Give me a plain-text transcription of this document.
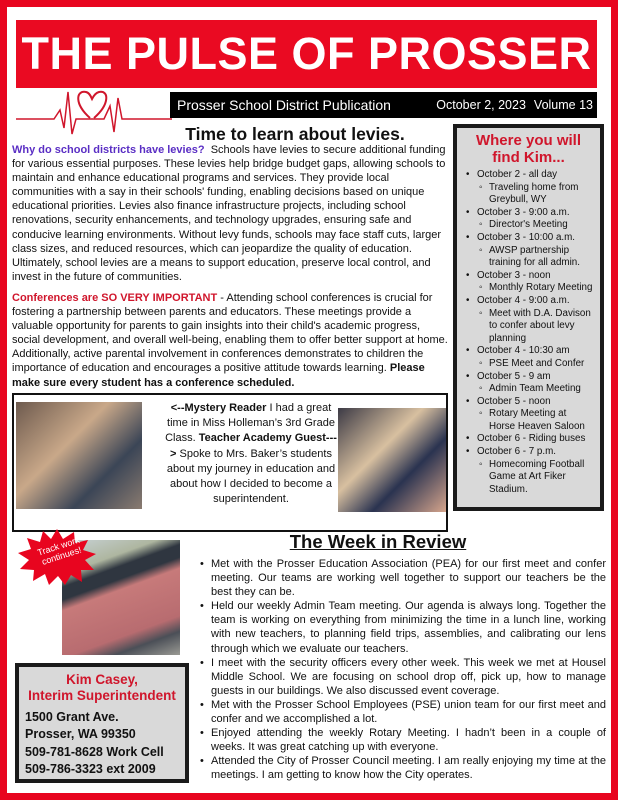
THE PULSE OF PROSSER
Prosser School District Publication	October 2, 2023 Volume 13
Time to learn about levies.

Why do school districts have levies? Schools have levies to secure additional funding for various essential purposes. These levies help bridge budget gaps, allowing schools to maintain and enhance educational programs and services. They provide local communities with a say in their schools' funding, enabling decisions based on unique educational priorities. Levies also finance infrastructure projects, including school renovations, security enhancements, and technology upgrades, ensuring safe and conducive learning environments. Without levy funds, schools may face staff cuts, larger class sizes, and reduced resources, which can jeopardize the quality of education. Ultimately, school levies are a means to support education, preserve local control, and invest in the future of communities.

Conferences are SO VERY IMPORTANT - Attending school conferences is crucial for fostering a partnership between parents and educators. These meetings provide a valuable opportunity for parents to gain insights into their child's academic progress, social development, and overall well-being, enabling them to offer better support at home. Additionally, active parental involvement in conferences demonstrates to children the importance of education and encourages a positive attitude towards learning. Please make sure every student has a conference scheduled.

<--Mystery Reader I had a great time in Miss Holleman’s 3rd Grade Class. Teacher Academy Guest---> Spoke to Mrs. Baker’s students about my journey in education and about how I decided to become a superintendent.

Where you will find Kim...
• October 2 - all day
◦ Traveling home from Greybull, WY
• October 3 - 9:00 a.m.
◦ Director's Meeting
• October 3 - 10:00 a.m.
◦ AWSP partnership training for all admin.
• October 3 - noon
◦ Monthly Rotary Meeting
• October 4 - 9:00 a.m.
◦ Meet with D.A. Davison to confer about levy planning
• October 4 - 10:30 am
◦ PSE Meet and Confer
• October 5 - 9 am
◦ Admin Team Meeting
• October 5 - noon
◦ Rotary Meeting at Horse Heaven Saloon
• October 6 - Riding buses
• October 6 - 7 p.m.
◦ Homecoming Football Game at Art Fiker Stadium.
Track work continues!
Kim Casey,
Interim Superintendent
1500 Grant Ave.
Prosser, WA 99350
509-781-8628 Work Cell
509-786-3323 ext 2009
The Week in Review
• Met with the Prosser Education Association (PEA) for our first meet and confer meeting. Our teams are working well together to support our teachers be the best they can be.
• Held our weekly Admin Team meeting. Our agenda is always long. Together the team is working on everything from minimizing the time in a lunch line, working with new teachers, to planning field trips, assemblies, and calibrating our lens through which we evaluate our teachers.
• I meet with the security officers every other week. This week we met at Housel Middle School. We are focusing on school drop off, pick up, how to manage guests in our buildings. We also discussed event coverage.
• Met with the Prosser School Employees (PSE) union team for our first meet and confer and we accomplished a lot.
• Enjoyed attending the weekly Rotary Meeting. I hadn’t been in a couple of weeks. It was great catching up with everyone.
• Attended the City of Prosser Council meeting. I am really enjoying my time at the meetings. I am getting to know how the City operates.
